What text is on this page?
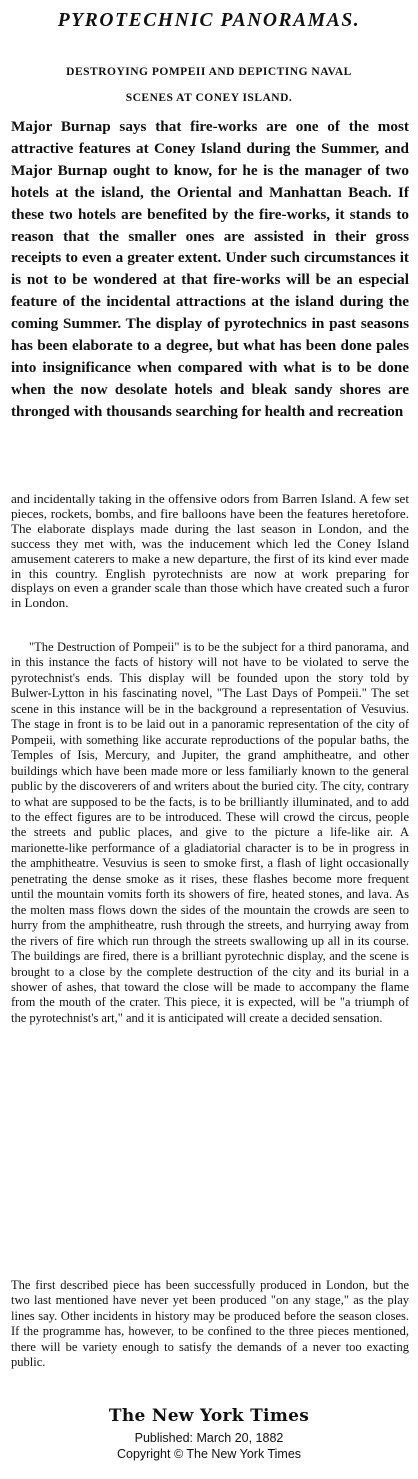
PYROTECHNIC PANORAMAS.

DESTROYING POMPEII AND DEPICTING NAVAL

SCENES AT CONEY ISLAND.

Major Burnap says that fire-works are one of the most attractive features at Coney Island during the Summer, and Major Burnap ought to know, for he is the manager of two hotels at the island, the Oriental and Manhattan Beach. If these two hotels are benefited by the fire-works, it stands to reason that the smaller ones are assisted in their gross receipts to even a greater extent. Under such circumstances it is not to be wondered at that fire-works will be an especial feature of the incidental attractions at the island during the coming Summer. The display of pyrotechnics in past seasons has been elaborate to a degree, but what has been done pales into insignificance when compared with what is to be done when the now desolate hotels and bleak sandy shores are thronged with thousands searching for health and recreation

and incidentally taking in the offensive odors from Barren Island. A few set pieces, rockets, bombs, and fire balloons have been the features heretofore. The elaborate displays made during the last season in London, and the success they met with, was the inducement which led the Coney Island amusement caterers to make a new departure, the first of its kind ever made in this country. English pyrotechnists are now at work preparing for displays on even a grander scale than those which have created such a furor in London.

"The Destruction of Pompeii" is to be the subject for a third panorama, and in this instance the facts of history will not have to be violated to serve the pyrotechnist's ends. This display will be founded upon the story told by Bulwer-Lytton in his fascinating novel, "The Last Days of Pompeii." The set scene in this instance will be in the background a representation of Vesuvius. The stage in front is to be laid out in a panoramic representation of the city of Pompeii, with something like accurate reproductions of the popular baths, the Temples of Isis, Mercury, and Jupiter, the grand amphitheatre, and other buildings which have been made more or less familiarly known to the general public by the discoverers of and writers about the buried city. The city, contrary to what are supposed to be the facts, is to be brilliantly illuminated, and to add to the effect figures are to be introduced. These will crowd the circus, people the streets and public places, and give to the picture a life-like air. A marionette-like performance of a gladiatorial character is to be in progress in the amphitheatre. Vesuvius is seen to smoke first, a flash of light occasionally penetrating the dense smoke as it rises, these flashes become more frequent until the mountain vomits forth its showers of fire, heated stones, and lava. As the molten mass flows down the sides of the mountain the crowds are seen to hurry from the amphitheatre, rush through the streets, and hurrying away from the rivers of fire which run through the streets swallowing up all in its course. The buildings are fired, there is a brilliant pyrotechnic display, and the scene is brought to a close by the complete destruction of the city and its burial in a shower of ashes, that toward the close will be made to accompany the flame from the mouth of the crater. This piece, it is expected, will be "a triumph of the pyrotechnist's art," and it is anticipated will create a decided sensation.

The first described piece has been successfully produced in London, but the two last mentioned have never yet been produced "on any stage," as the play lines say. Other incidents in history may be produced before the season closes. If the programme has, however, to be confined to the three pieces mentioned, there will be variety enough to satisfy the demands of a never too exacting public.

The New York Times

Published: March 20, 1882

Copyright © The New York Times
